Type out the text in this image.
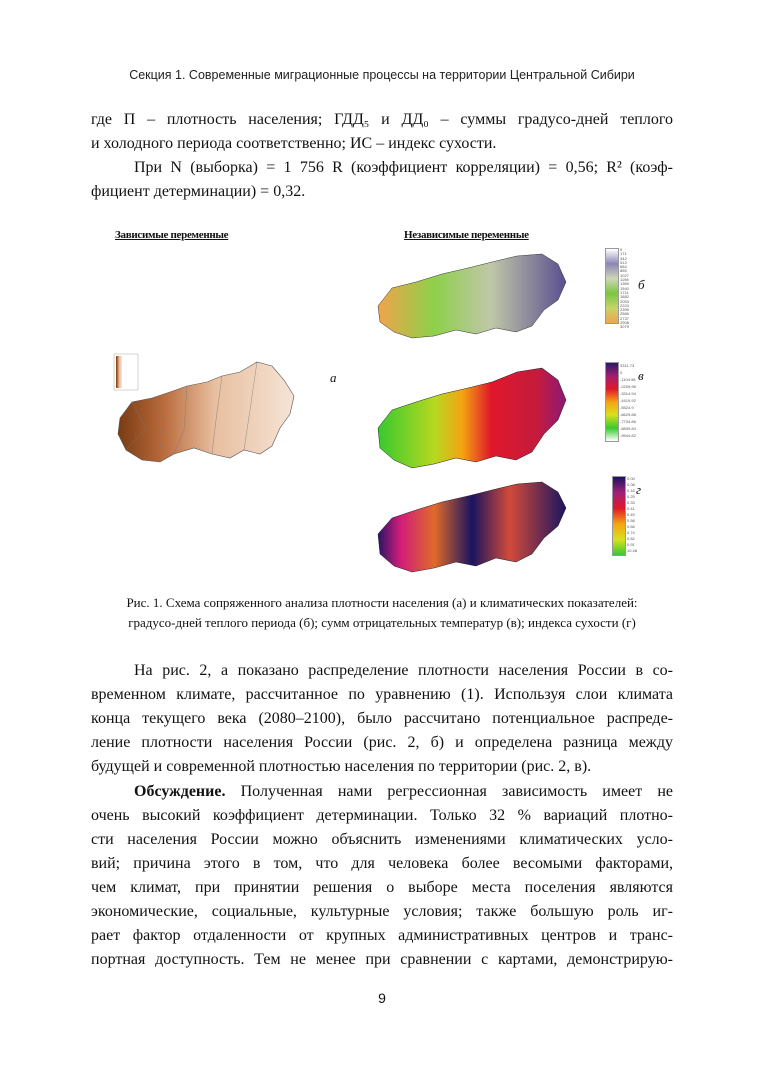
Секция 1. Современные миграционные процессы на территории Центральной Сибири

где П – плотность населения; ГДД₅ и ДД₀ – суммы градусо-дней теплого
и холодного периода соответственно; ИС – индекс сухости.
При N (выборка) = 1 756 R (коэффициент корреляции) = 0,56; R² (коэф-
фициент детерминации) = 0,32.

Зависимые переменные	Независимые переменные
0
171
342
513
684
855
1027
1198
1369
1540
1711
1882
2053
2224
2395
2566
2737
2908
3079
б
а
3311.73
0
-1104.98
-2209.96
-3314.94
-4419.92
-5524.9
-6629.88
-7734.86
-8839.84
-9944.82
в
0.00
0.08
0.16
0.25
0.33
0.41
0.49
0.58
0.66
0.74
0.82
0.91
10.48
г
Рис. 1. Схема сопряженного анализа плотности населения (а) и климатических показателей:
градусо-дней теплого периода (б); сумм отрицательных температур (в); индекса сухости (г)

На рис. 2, а показано распределение плотности населения России в со-
временном климате, рассчитанное по уравнению (1). Используя слои климата
конца текущего века (2080–2100), было рассчитано потенциальное распреде-
ление плотности населения России (рис. 2, б) и определена разница между
будущей и современной плотностью населения по территории (рис. 2, в).

Обсуждение. Полученная нами регрессионная зависимость имеет не
очень высокий коэффициент детерминации. Только 32 % вариаций плотно-
сти населения России можно объяснить изменениями климатических усло-
вий; причина этого в том, что для человека более весомыми факторами,
чем климат, при принятии решения о выборе места поселения являются
экономические, социальные, культурные условия; также большую роль иг-
рает фактор отдаленности от крупных административных центров и транс-
портная доступность. Тем не менее при сравнении с картами, демонстрирую-

9
